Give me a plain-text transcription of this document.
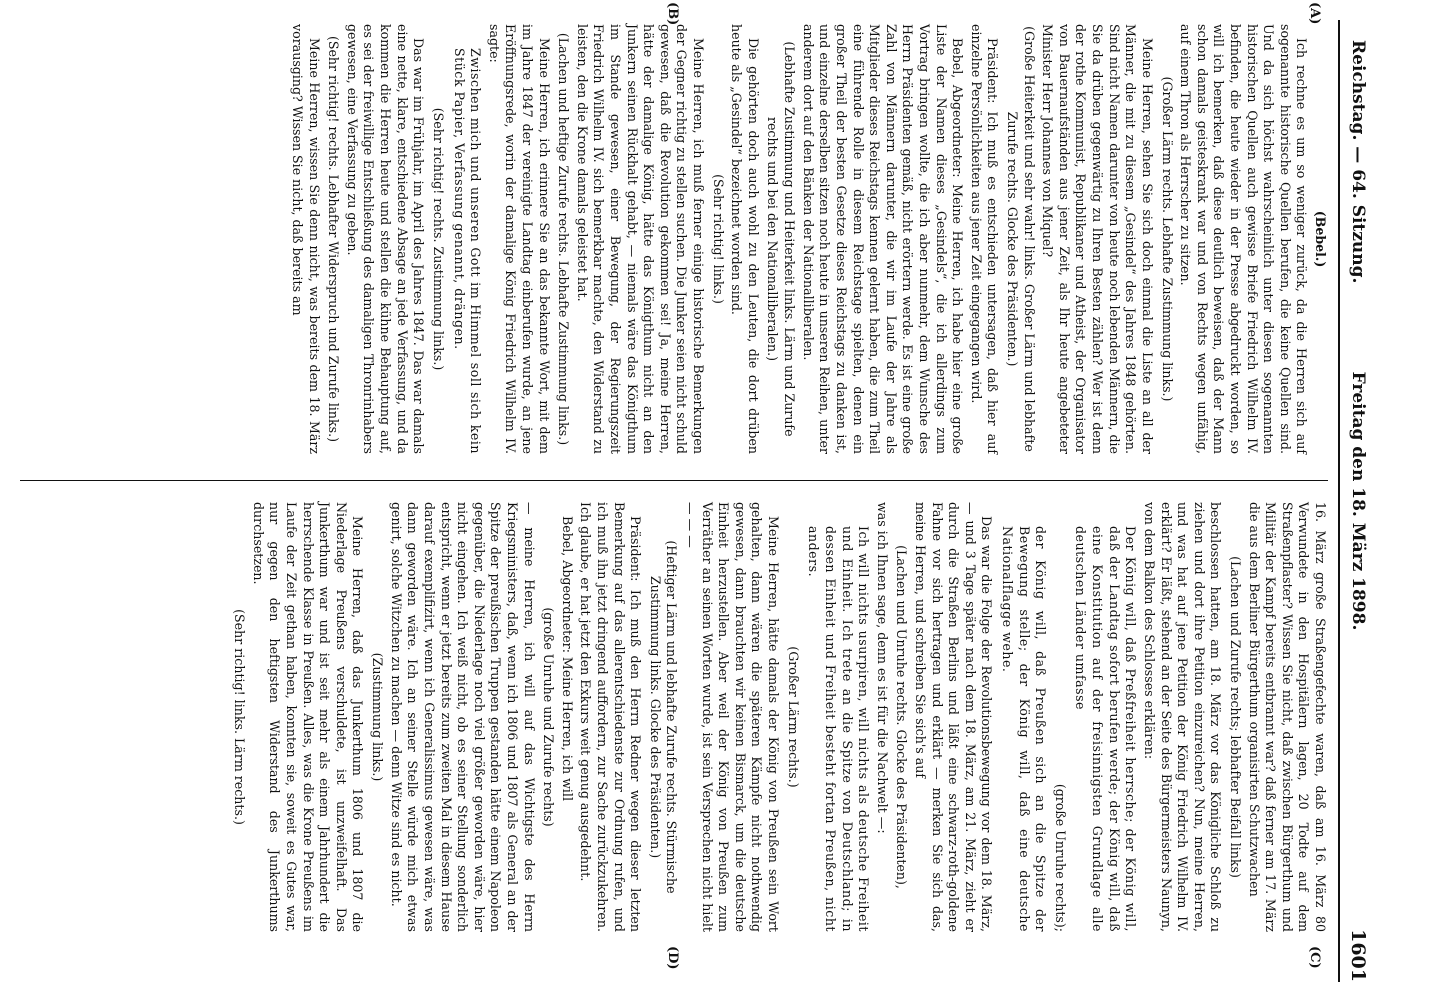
Freitag den 18. März 1898.
Reichstag. — 64. Sitzung.
1601
(A)
(B)
(C)
(D)

(Bebel.)

Ich rechne es um so weniger zurück, da die Herren sich auf sogenannte historische Quellen berufen, die keine Quellen sind. Und da sich höchst wahrscheinlich unter diesen sogenannten historischen Quellen auch gewisse Briefe Friedrich Wilhelm IV. befinden, die heute wieder in der Presse abgedruckt worden, so will ich bemerken, daß diese deutlich beweisen, daß der Mann schon damals geisteskrank war und von Rechts wegen unfähig, auf einem Thron als Herrscher zu sitzen.

(Großer Lärm rechts. Lebhafte Zustimmung links.)

Meine Herren, sehen Sie sich doch einmal die Liste an all der Männer, die mit zu diesem „Gesindel“ des Jahres 1848 gehörten. Sind nicht Namen darunter von heute noch lebenden Männern, die Sie da drüben gegenwärtig zu Ihren Besten zählen? Wer ist denn der rothe Kommunist, Republikaner und Atheist, der Organisator von Bauernaufständen aus jener Zeit, als Ihr heute angebeteter Minister Herr Johannes von Miquel?

(Große Heiterkeit und sehr wahr! links. Großer Lärm und lebhafte Zurufe rechts. Glocke des Präsidenten.)

Präsident: Ich muß es entschieden untersagen, daß hier auf einzelne Persönlichkeiten aus jener Zeit eingegangen wird.

Bebel, Abgeordneter: Meine Herren, ich habe hier eine große Liste der Namen dieses „Gesindels“, die ich allerdings zum Vortrag bringen wollte, die ich aber nunmehr, dem Wunsche des Herrn Präsidenten gemäß, nicht erörtern werde. Es ist eine große Zahl von Männern darunter, die wir im Laufe der Jahre als Mitglieder dieses Reichstags kennen gelernt haben, die zum Theil eine führende Rolle in diesem Reichstage spielten, denen ein großer Theil der besten Gesetze dieses Reichstags zu danken ist, und einzelne derselben sitzen noch heute in unseren Reihen, unter anderem dort auf den Bänken der Nationalliberalen.

(Lebhafte Zustimmung und Heiterkeit links. Lärm und Zurufe rechts und bei den Nationalliberalen.)

Die gehörten doch auch wohl zu den Leuten, die dort drüben heute als „Gesindel“ bezeichnet worden sind.

(Sehr richtig! links.)

Meine Herren, ich muß ferner einige historische Bemerkungen der Gegner richtig zu stellen suchen. Die Junker seien nicht schuld gewesen, daß die Revolution gekommen sei! Ja, meine Herren, hätte der damalige König, hätte das Königthum nicht an den Junkern seinen Rückhalt gehabt, — niemals wäre das Königthum im Stande gewesen, einer Bewegung, der Regierungszeit Friedrich Wilhelm IV. sich bemerkbar machte, den Widerstand zu leisten, den die Krone damals geleistet hat.

(Lachen und heftige Zurufe rechts. Lebhafte Zustimmung links.)

Meine Herren, ich erinnere Sie an das bekannte Wort, mit dem im Jahre 1847 der vereinigte Landtag einberufen wurde, an jene Eröffnungsrede, worin der damalige König Friedrich Wilhelm IV. sagte:

Zwischen mich und unseren Gott im Himmel soll sich kein Stück Papier, Verfassung genannt, drängen.

(Sehr richtig! rechts. Zustimmung links.)

Das war im Frühjahr, im April des Jahres 1847. Das war damals eine nette, klare, entschiedene Absage an jede Verfassung, und da kommen die Herren heute und stellen die kühne Behauptung auf, es sei der freiwillige Entschließung des damaligen Thronrinhabers gewesen, eine Verfassung zu geben.

(Sehr richtig! rechts. Lebhafter Widerspruch und Zurufe links.)

Meine Herren, wissen Sie denn nicht, was bereits dem 18. März vorausging? Wissen Sie nicht, daß bereits am

16. März große Straßengefechte waren, daß am 16. März 80 Verwundete in den Hospitälern lagen, 20 Todte auf dem Straßenpflaster? Wissen Sie nicht, daß zwischen Bürgerthum und Militär der Kampf bereits entbrannt war? daß ferner am 17. März die aus dem Berliner Bürgerthum organisirten Schutzwachen

(Lachen und Zurufe rechts; lebhafter Beifall links)

beschlossen hatten, am 18. März vor das Königliche Schloß zu ziehen und dort ihre Petition einzureichen? Nun, meine Herren, und was hat auf jene Petition der König Friedrich Wilhelm IV. erklärt? Er läßt, stehend an der Seite des Bürgermeisters Naunyn, von dem Balkon des Schlosses erklären:

Der König will, daß Preßfreiheit herrsche; der König will, daß der Landtag sofort berufen werde; der König will, daß eine Konstitution auf der freisinnigsten Grundlage alle deutschen Länder umfasse

(große Unruhe rechts);

der König will, daß Preußen sich an die Spitze der Bewegung stelle; der König will, daß eine deutsche Nationalflagge wehe.

Das war die Folge der Revolutionsbewegung vor dem 18. März, — und 3 Tage später nach dem 18. März, am 21. März, zieht er durch die Straßen Berlins und läßt eine schwarz-roth-goldene Fahne vor sich hertragen und erklärt — merken Sie sich das, meine Herren, und schreiben Sie sich's auf

(Lachen und Unruhe rechts. Glocke des Präsidenten),

was ich Ihnen sage, denn es ist für die Nachwelt —:

Ich will nichts usurpiren, will nichts als deutsche Freiheit und Einheit. Ich trete an die Spitze von Deutschland; in dessen Einheit und Freiheit besteht fortan Preußen, nicht anders.

(Großer Lärm rechts.)

Meine Herren, hätte damals der König von Preußen sein Wort gehalten, dann wären die späteren Kämpfe nicht nothwendig gewesen, dann brauchten wir keinen Bismarck, um die deutsche Einheit herzustellen. Aber weil der König von Preußen zum Verräther an seinen Worten wurde, ist sein Versprechen nicht hielt — — —

(Heftiger Lärm und lebhafte Zurufe rechts. Stürmische Zustimmung links. Glocke des Präsidenten.)

Präsident: Ich muß den Herrn Redner wegen dieser letzten Bemerkung auf das allerentschiedenste zur Ordnung rufen, und ich muß ihn jetzt dringend auffordern, zur Sache zurückzukehren. Ich glaube, er hat jetzt den Exkurs weit genug ausgedehnt.

Bebel, Abgeordneter: Meine Herren, ich will

(große Unruhe und Zurufe rechts)

— meine Herren, ich will auf das Wichtigste des Herrn Kriegsministers, daß, wenn ich 1806 und 1807 als General an der Spitze der preußischen Truppen gestanden hätte einem Napoleon gegenüber, die Niederlage noch viel größer geworden wäre, hier nicht eingehen. Ich weiß nicht, ob es seiner Stellung sonderlich entspricht, wenn er jetzt bereits zum zweiten Mal in diesem Hause darauf exemplifizirt, wenn ich Generalissimus gewesen wäre, was dann geworden wäre. Ich an seiner Stelle würde mich etwas genirt, solche Witzchen zu machen — denn Witze sind es nicht.

(Zustimmung links.)

Meine Herren, daß das Junkerthum 1806 und 1807 die Niederlage Preußens verschuldete, ist unzweifelhaft. Das Junkerthum war und ist seit mehr als einem Jahrhundert die herrschende Klasse in Preußen. Alles, was die Krone Preußens im Laufe der Zeit gethan haben, konnten sie, soweit es Gutes war, nur gegen den heftigsten Widerstand des Junkerthums durchsetzen.

(Sehr richtig! links. Lärm rechts.)
